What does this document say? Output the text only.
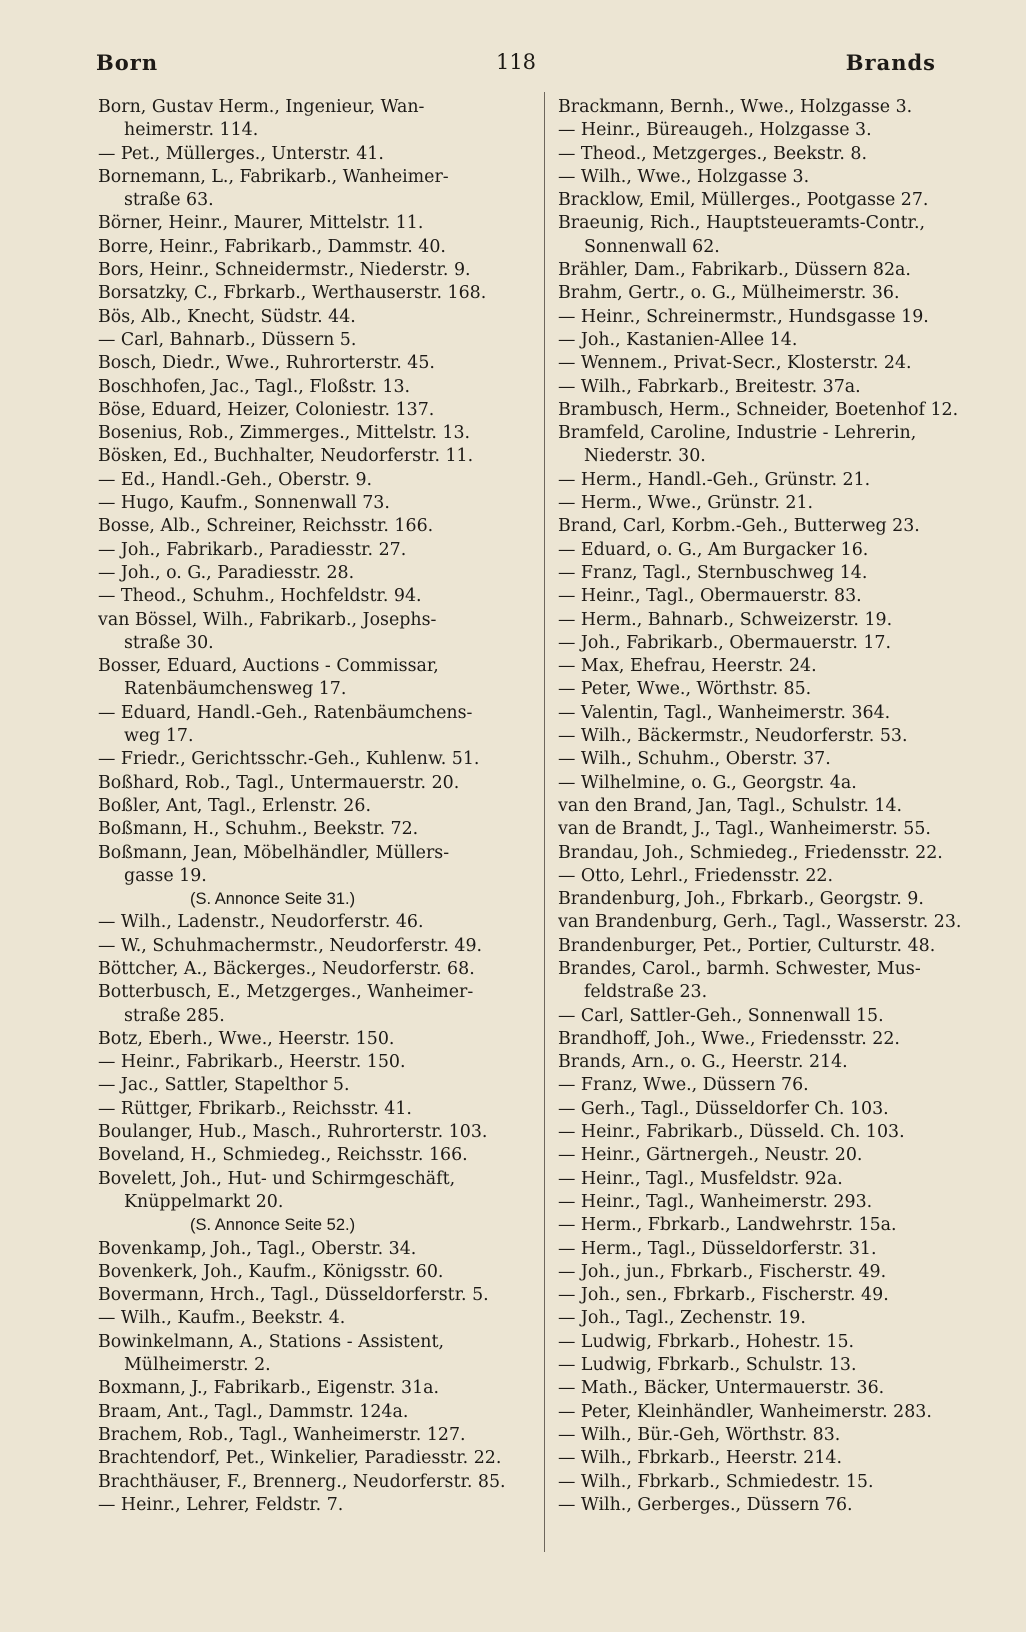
Born	118	Brands
Born, Gustav Herm., Ingenieur, Wan-
heimerstr. 114.
— Pet., Müllerges., Unterstr. 41.
Bornemann, L., Fabrikarb., Wanheimer-
straße 63.
Börner, Heinr., Maurer, Mittelstr. 11.
Borre, Heinr., Fabrikarb., Dammstr. 40.
Bors, Heinr., Schneidermstr., Niederstr. 9.
Borsatzky, C., Fbrkarb., Werthauserstr. 168.
Bös, Alb., Knecht, Südstr. 44.
— Carl, Bahnarb., Düssern 5.
Bosch, Diedr., Wwe., Ruhrorterstr. 45.
Boschhofen, Jac., Tagl., Floßstr. 13.
Böse, Eduard, Heizer, Coloniestr. 137.
Bosenius, Rob., Zimmerges., Mittelstr. 13.
Bösken, Ed., Buchhalter, Neudorferstr. 11.
— Ed., Handl.-Geh., Oberstr. 9.
— Hugo, Kaufm., Sonnenwall 73.
Bosse, Alb., Schreiner, Reichsstr. 166.
— Joh., Fabrikarb., Paradiesstr. 27.
— Joh., o. G., Paradiesstr. 28.
— Theod., Schuhm., Hochfeldstr. 94.
van Bössel, Wilh., Fabrikarb., Josephs-
straße 30.
Bosser, Eduard, Auctions - Commissar,
Ratenbäumchensweg 17.
— Eduard, Handl.-Geh., Ratenbäumchens-
weg 17.
— Friedr., Gerichtsschr.-Geh., Kuhlenw. 51.
Boßhard, Rob., Tagl., Untermauerstr. 20.
Boßler, Ant, Tagl., Erlenstr. 26.
Boßmann, H., Schuhm., Beekstr. 72.
Boßmann, Jean, Möbelhändler, Müllers-
gasse 19.
(S. Annonce Seite 31.)
— Wilh., Ladenstr., Neudorferstr. 46.
— W., Schuhmachermstr., Neudorferstr. 49.
Böttcher, A., Bäckerges., Neudorferstr. 68.
Botterbusch, E., Metzgerges., Wanheimer-
straße 285.
Botz, Eberh., Wwe., Heerstr. 150.
— Heinr., Fabrikarb., Heerstr. 150.
— Jac., Sattler, Stapelthor 5.
— Rüttger, Fbrikarb., Reichsstr. 41.
Boulanger, Hub., Masch., Ruhrorterstr. 103.
Boveland, H., Schmiedeg., Reichsstr. 166.
Bovelett, Joh., Hut- und Schirmgeschäft,
Knüppelmarkt 20.
(S. Annonce Seite 52.)
Bovenkamp, Joh., Tagl., Oberstr. 34.
Bovenkerk, Joh., Kaufm., Königsstr. 60.
Bovermann, Hrch., Tagl., Düsseldorferstr. 5.
— Wilh., Kaufm., Beekstr. 4.
Bowinkelmann, A., Stations - Assistent,
Mülheimerstr. 2.
Boxmann, J., Fabrikarb., Eigenstr. 31a.
Braam, Ant., Tagl., Dammstr. 124a.
Brachem, Rob., Tagl., Wanheimerstr. 127.
Brachtendorf, Pet., Winkelier, Paradiesstr. 22.
Brachthäuser, F., Brennerg., Neudorferstr. 85.
— Heinr., Lehrer, Feldstr. 7.
Brackmann, Bernh., Wwe., Holzgasse 3.
— Heinr., Büreaugeh., Holzgasse 3.
— Theod., Metzgerges., Beekstr. 8.
— Wilh., Wwe., Holzgasse 3.
Bracklow, Emil, Müllerges., Pootgasse 27.
Braeunig, Rich., Hauptsteueramts-Contr.,
Sonnenwall 62.
Brähler, Dam., Fabrikarb., Düssern 82a.
Brahm, Gertr., o. G., Mülheimerstr. 36.
— Heinr., Schreinermstr., Hundsgasse 19.
— Joh., Kastanien-Allee 14.
— Wennem., Privat-Secr., Klosterstr. 24.
— Wilh., Fabrkarb., Breitestr. 37a.
Brambusch, Herm., Schneider, Boetenhof 12.
Bramfeld, Caroline, Industrie - Lehrerin,
Niederstr. 30.
— Herm., Handl.-Geh., Grünstr. 21.
— Herm., Wwe., Grünstr. 21.
Brand, Carl, Korbm.-Geh., Butterweg 23.
— Eduard, o. G., Am Burgacker 16.
— Franz, Tagl., Sternbuschweg 14.
— Heinr., Tagl., Obermauerstr. 83.
— Herm., Bahnarb., Schweizerstr. 19.
— Joh., Fabrikarb., Obermauerstr. 17.
— Max, Ehefrau, Heerstr. 24.
— Peter, Wwe., Wörthstr. 85.
— Valentin, Tagl., Wanheimerstr. 364.
— Wilh., Bäckermstr., Neudorferstr. 53.
— Wilh., Schuhm., Oberstr. 37.
— Wilhelmine, o. G., Georgstr. 4a.
van den Brand, Jan, Tagl., Schulstr. 14.
van de Brandt, J., Tagl., Wanheimerstr. 55.
Brandau, Joh., Schmiedeg., Friedensstr. 22.
— Otto, Lehrl., Friedensstr. 22.
Brandenburg, Joh., Fbrkarb., Georgstr. 9.
van Brandenburg, Gerh., Tagl., Wasserstr. 23.
Brandenburger, Pet., Portier, Culturstr. 48.
Brandes, Carol., barmh. Schwester, Mus-
feldstraße 23.
— Carl, Sattler-Geh., Sonnenwall 15.
Brandhoff, Joh., Wwe., Friedensstr. 22.
Brands, Arn., o. G., Heerstr. 214.
— Franz, Wwe., Düssern 76.
— Gerh., Tagl., Düsseldorfer Ch. 103.
— Heinr., Fabrikarb., Düsseld. Ch. 103.
— Heinr., Gärtnergeh., Neustr. 20.
— Heinr., Tagl., Musfeldstr. 92a.
— Heinr., Tagl., Wanheimerstr. 293.
— Herm., Fbrkarb., Landwehrstr. 15a.
— Herm., Tagl., Düsseldorferstr. 31.
— Joh., jun., Fbrkarb., Fischerstr. 49.
— Joh., sen., Fbrkarb., Fischerstr. 49.
— Joh., Tagl., Zechenstr. 19.
— Ludwig, Fbrkarb., Hohestr. 15.
— Ludwig, Fbrkarb., Schulstr. 13.
— Math., Bäcker, Untermauerstr. 36.
— Peter, Kleinhändler, Wanheimerstr. 283.
— Wilh., Bür.-Geh, Wörthstr. 83.
— Wilh., Fbrkarb., Heerstr. 214.
— Wilh., Fbrkarb., Schmiedestr. 15.
— Wilh., Gerberges., Düssern 76.
